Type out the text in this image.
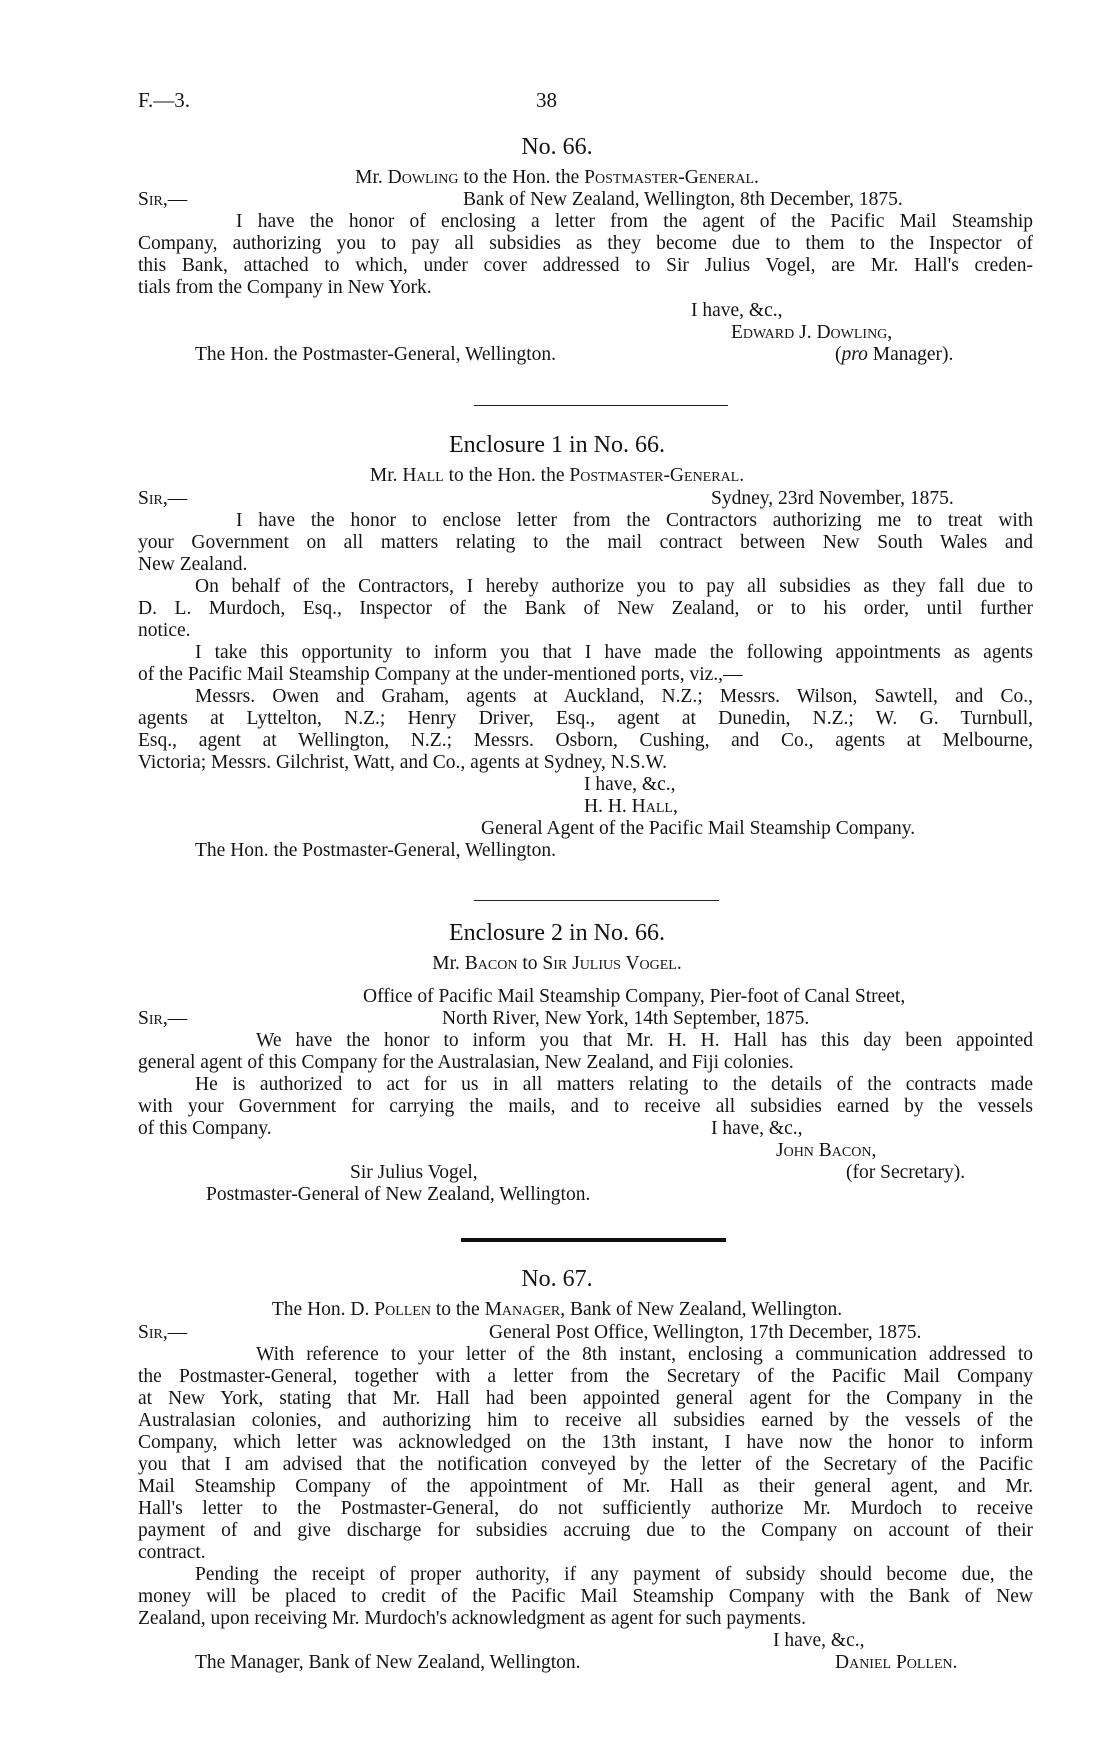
F.—3.	38
No. 66.
Mr. Dowling to the Hon. the Postmaster-General.
Sir,—	Bank of New Zealand, Wellington, 8th December, 1875.
I have the honor of enclosing a letter from the agent of the Pacific Mail Steamship
Company, authorizing you to pay all subsidies as they become due to them to the Inspector of
this Bank, attached to which, under cover addressed to Sir Julius Vogel, are Mr. Hall's creden-
tials from the Company in New York.
I have, &c.,
Edward J. Dowling,
The Hon. the Postmaster-General, Wellington.	(pro Manager).
Enclosure 1 in No. 66.
Mr. Hall to the Hon. the Postmaster-General.
Sir,—	Sydney, 23rd November, 1875.
I have the honor to enclose letter from the Contractors authorizing me to treat with
your Government on all matters relating to the mail contract between New South Wales and
New Zealand.
On behalf of the Contractors, I hereby authorize you to pay all subsidies as they fall due to
D. L. Murdoch, Esq., Inspector of the Bank of New Zealand, or to his order, until further
notice.
I take this opportunity to inform you that I have made the following appointments as agents
of the Pacific Mail Steamship Company at the under-mentioned ports, viz.,—
Messrs. Owen and Graham, agents at Auckland, N.Z.; Messrs. Wilson, Sawtell, and Co.,
agents at Lyttelton, N.Z.; Henry Driver, Esq., agent at Dunedin, N.Z.; W. G. Turnbull,
Esq., agent at Wellington, N.Z.; Messrs. Osborn, Cushing, and Co., agents at Melbourne,
Victoria; Messrs. Gilchrist, Watt, and Co., agents at Sydney, N.S.W.
I have, &c.,
H. H. Hall,
General Agent of the Pacific Mail Steamship Company.
The Hon. the Postmaster-General, Wellington.
Enclosure 2 in No. 66.
Mr. Bacon to Sir Julius Vogel.
Office of Pacific Mail Steamship Company, Pier-foot of Canal Street,
Sir,—	North River, New York, 14th September, 1875.
We have the honor to inform you that Mr. H. H. Hall has this day been appointed
general agent of this Company for the Australasian, New Zealand, and Fiji colonies.
He is authorized to act for us in all matters relating to the details of the contracts made
with your Government for carrying the mails, and to receive all subsidies earned by the vessels
of this Company.	I have, &c.,
John Bacon,
Sir Julius Vogel,	(for Secretary).
Postmaster-General of New Zealand, Wellington.
No. 67.
The Hon. D. Pollen to the Manager, Bank of New Zealand, Wellington.
Sir,—	General Post Office, Wellington, 17th December, 1875.
With reference to your letter of the 8th instant, enclosing a communication addressed to
the Postmaster-General, together with a letter from the Secretary of the Pacific Mail Company
at New York, stating that Mr. Hall had been appointed general agent for the Company in the
Australasian colonies, and authorizing him to receive all subsidies earned by the vessels of the
Company, which letter was acknowledged on the 13th instant, I have now the honor to inform
you that I am advised that the notification conveyed by the letter of the Secretary of the Pacific
Mail Steamship Company of the appointment of Mr. Hall as their general agent, and Mr.
Hall's letter to the Postmaster-General, do not sufficiently authorize Mr. Murdoch to receive
payment of and give discharge for subsidies accruing due to the Company on account of their
contract.
Pending the receipt of proper authority, if any payment of subsidy should become due, the
money will be placed to credit of the Pacific Mail Steamship Company with the Bank of New
Zealand, upon receiving Mr. Murdoch's acknowledgment as agent for such payments.
I have, &c.,
The Manager, Bank of New Zealand, Wellington.	Daniel Pollen.
